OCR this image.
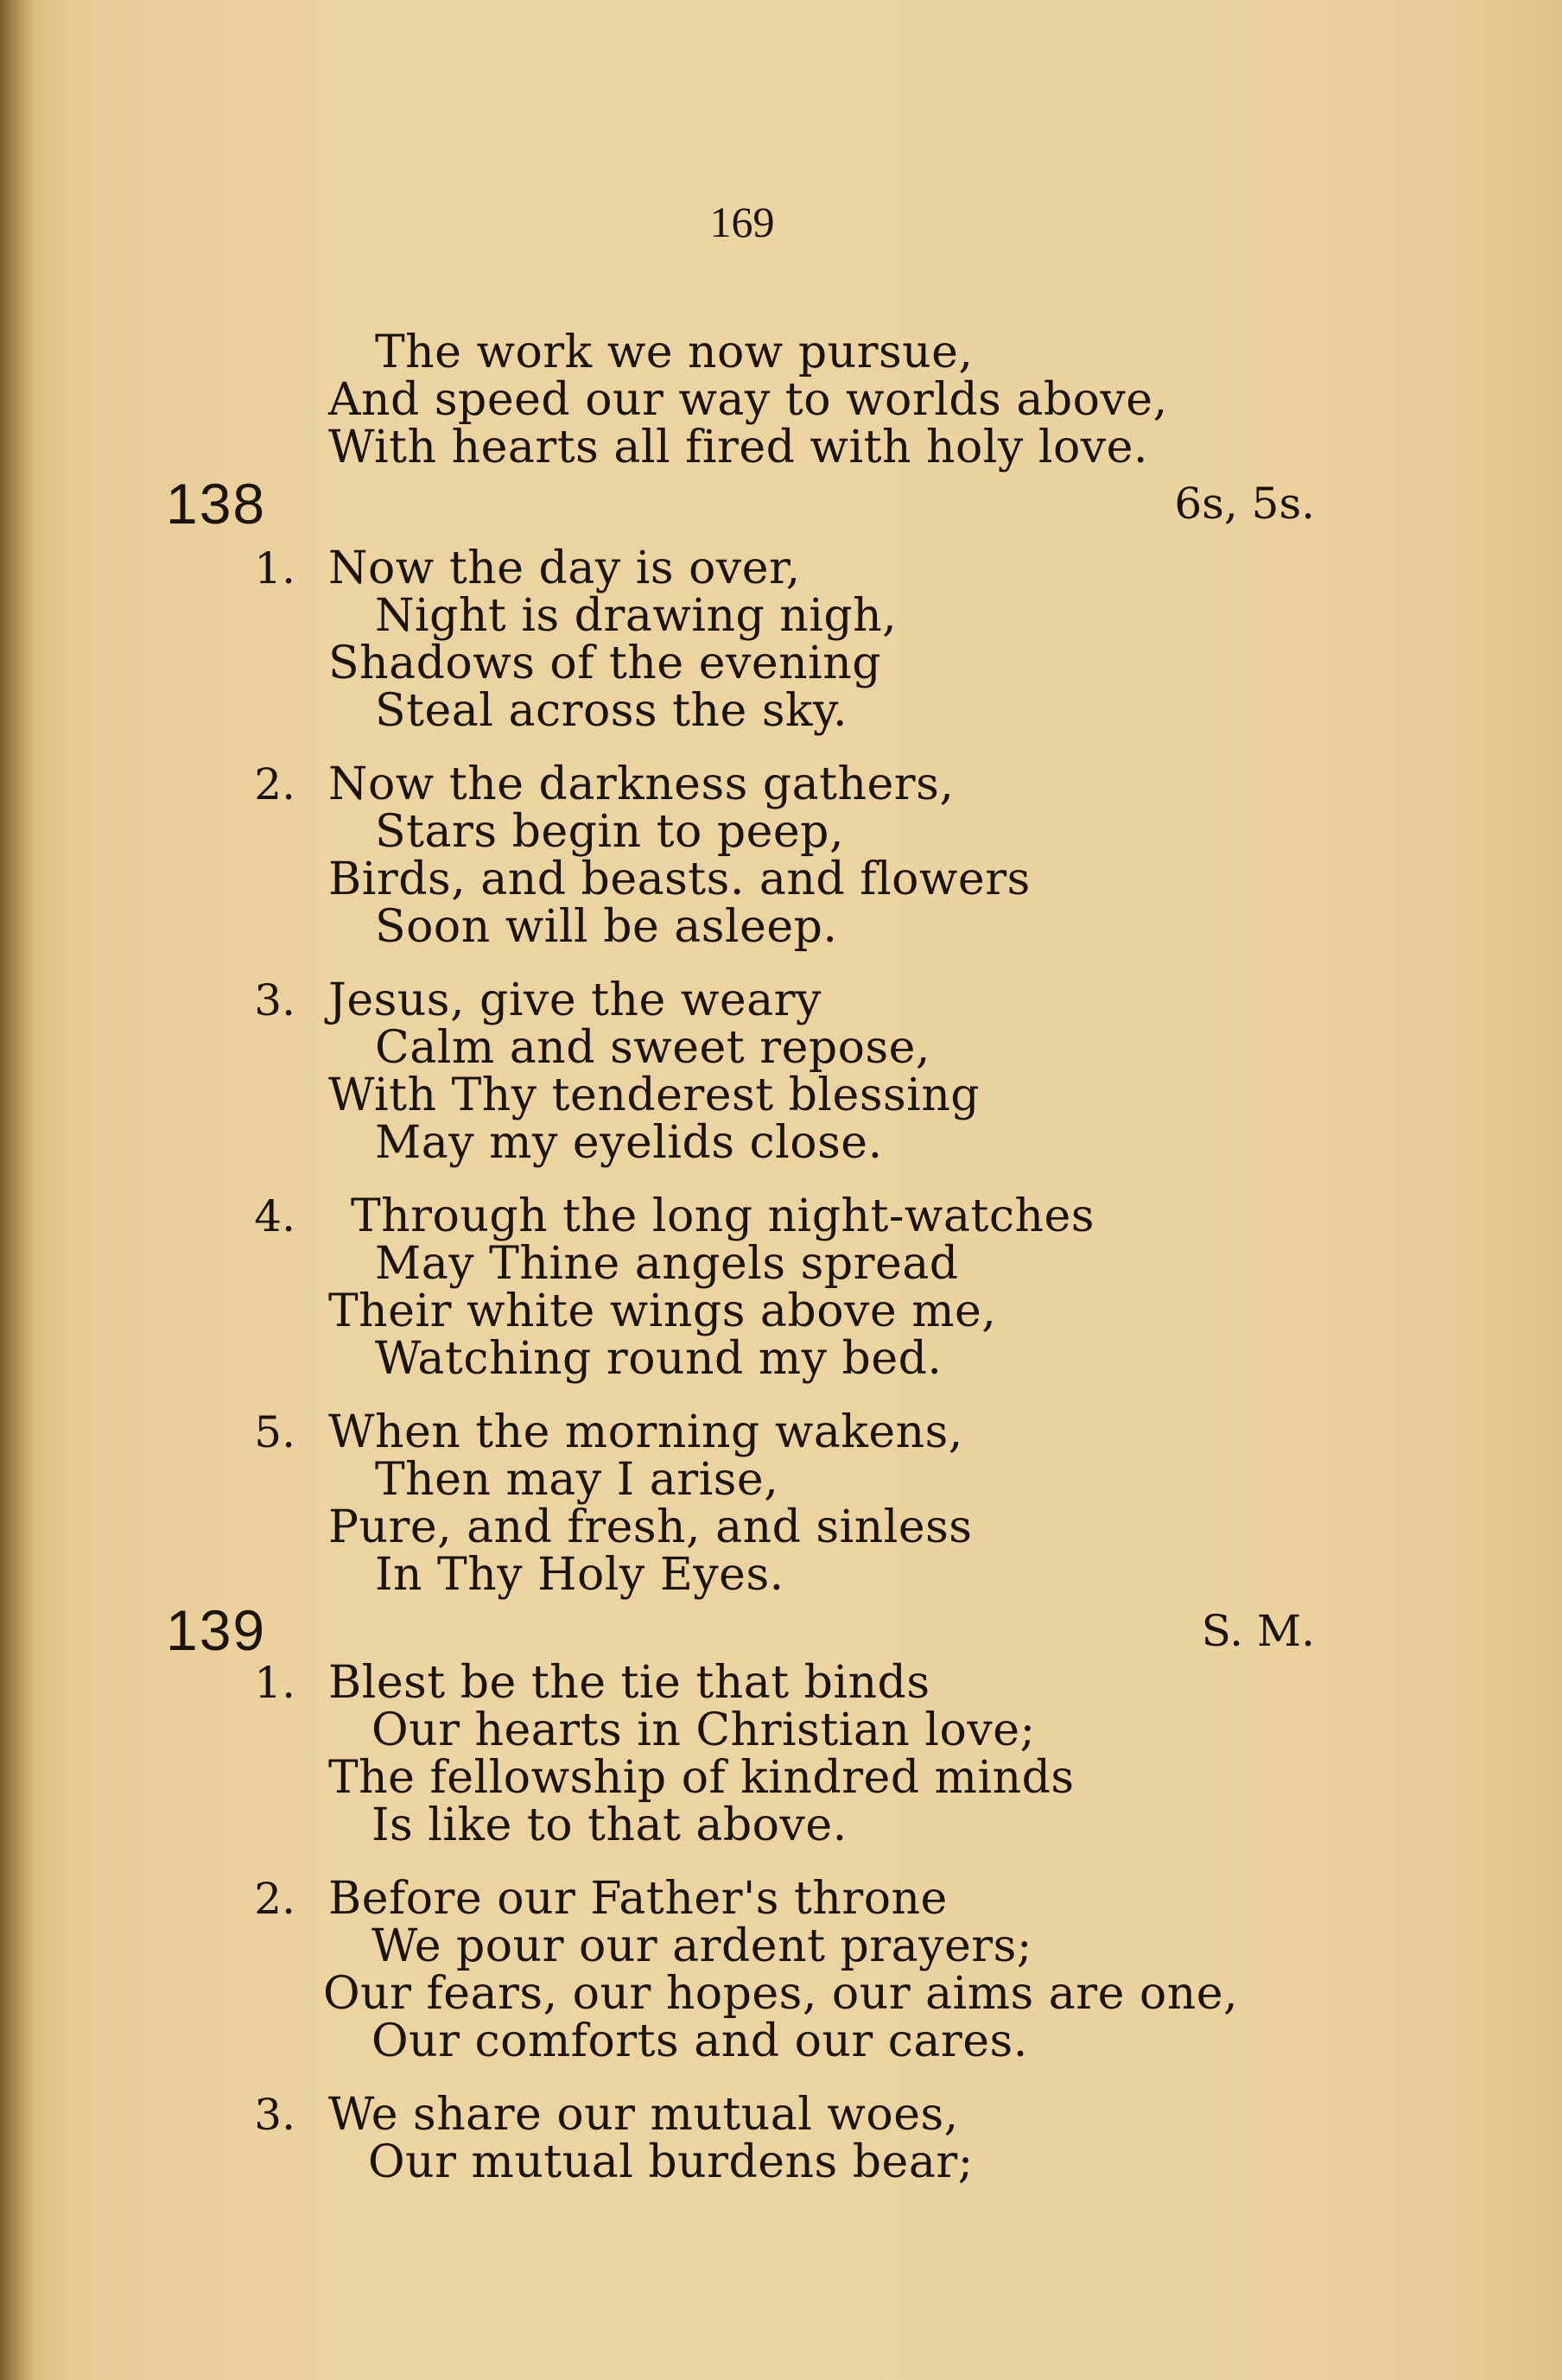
169
The work we now pursue,
And speed our way to worlds above,
With hearts all fired with holy love.
138	6s, 5s.
1. Now the day is over,
Night is drawing nigh,
Shadows of the evening
Steal across the sky.
2. Now the darkness gathers,
Stars begin to peep,
Birds, and beasts. and flowers
Soon will be asleep.
3. Jesus, give the weary
Calm and sweet repose,
With Thy tenderest blessing
May my eyelids close.
4. Through the long night-watches
May Thine angels spread
Their white wings above me,
Watching round my bed.
5. When the morning wakens,
Then may I arise,
Pure, and fresh, and sinless
In Thy Holy Eyes.
139	S. M.
1. Blest be the tie that binds
Our hearts in Christian love;
The fellowship of kindred minds
Is like to that above.
2. Before our Father's throne
We pour our ardent prayers;
Our fears, our hopes, our aims are one,
Our comforts and our cares.
3. We share our mutual woes,
Our mutual burdens bear;
